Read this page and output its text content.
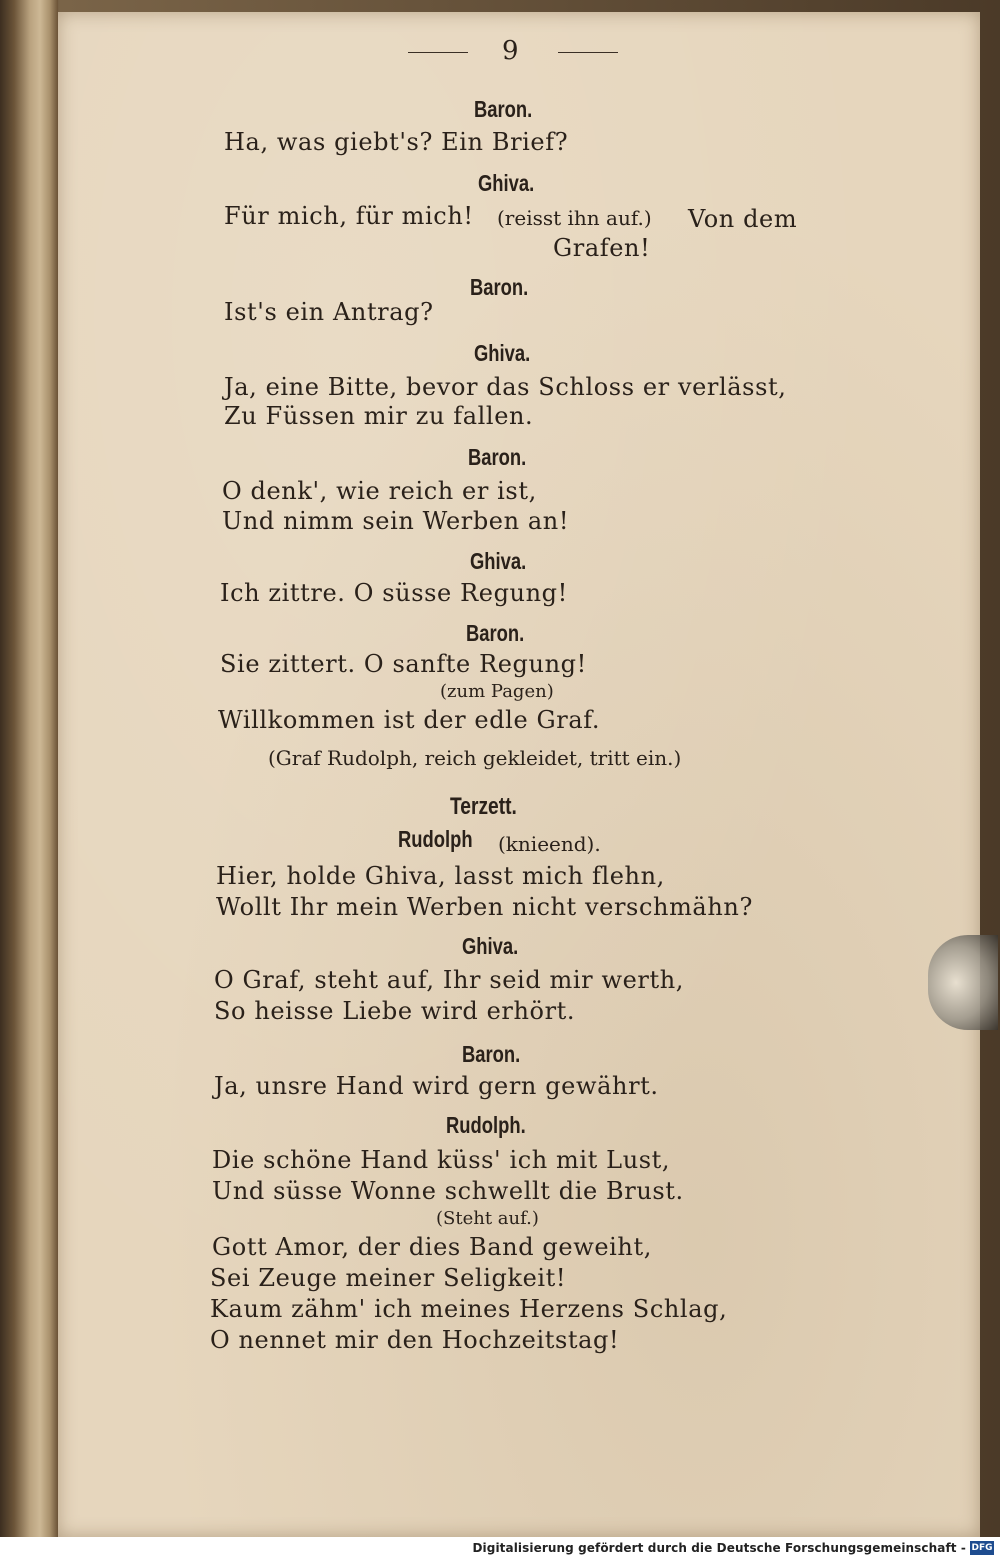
9
Baron.
Ha, was giebt's? Ein Brief?
Ghiva.
Für mich, für mich! (reisst ihn auf.) Von dem
Grafen!
Baron.
Ist's ein Antrag?
Ghiva.
Ja, eine Bitte, bevor das Schloss er verlässt,
Zu Füssen mir zu fallen.
Baron.
O denk', wie reich er ist,
Und nimm sein Werben an!
Ghiva.
Ich zittre. O süsse Regung!
Baron.
Sie zittert. O sanfte Regung!
(zum Pagen)
Willkommen ist der edle Graf.
(Graf Rudolph, reich gekleidet, tritt ein.)
Terzett.
Rudolph (knieend).
Hier, holde Ghiva, lasst mich flehn,
Wollt Ihr mein Werben nicht verschmähn?
Ghiva.
O Graf, steht auf, Ihr seid mir werth,
So heisse Liebe wird erhört.
Baron.
Ja, unsre Hand wird gern gewährt.
Rudolph.
Die schöne Hand küss' ich mit Lust,
Und süsse Wonne schwellt die Brust.
(Steht auf.)
Gott Amor, der dies Band geweiht,
Sei Zeuge meiner Seligkeit!
Kaum zähm' ich meines Herzens Schlag,
O nennet mir den Hochzeitstag!
Digitalisierung gefördert durch die Deutsche Forschungsgemeinschaft - DFG
